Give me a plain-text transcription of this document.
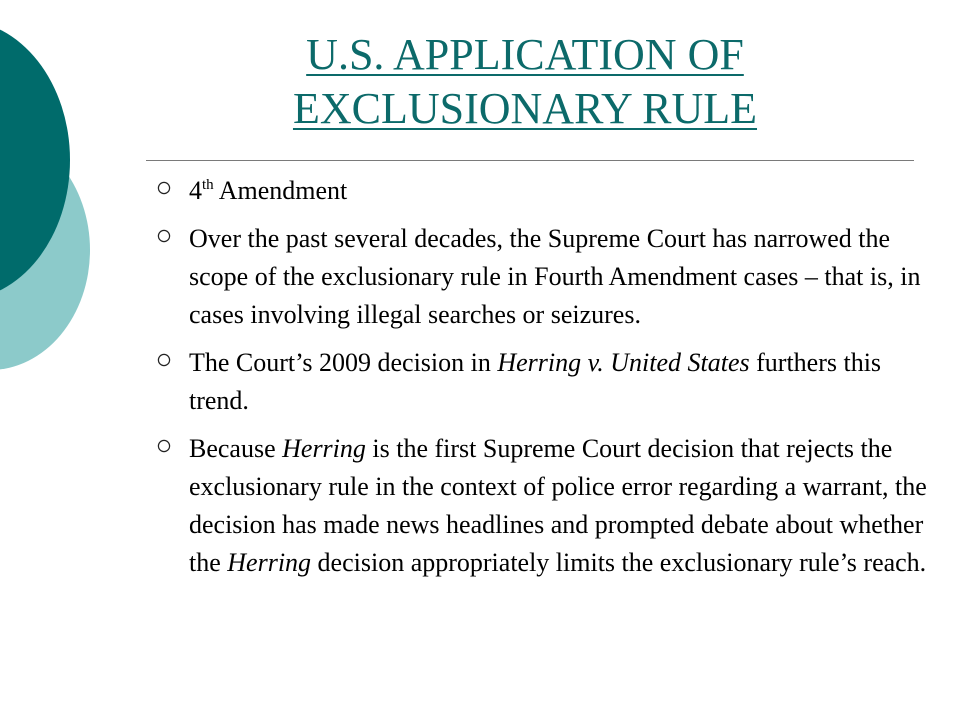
U.S. APPLICATION OF
EXCLUSIONARY RULE
4th Amendment
Over the past several decades, the Supreme Court has narrowed the scope of the exclusionary rule in Fourth Amendment cases – that is, in cases involving illegal searches or seizures.
The Court’s 2009 decision in Herring v. United States furthers this trend.
Because Herring is the first Supreme Court decision that rejects the exclusionary rule in the context of police error regarding a warrant, the decision has made news headlines and prompted debate about whether the Herring decision appropriately limits the exclusionary rule’s reach.
